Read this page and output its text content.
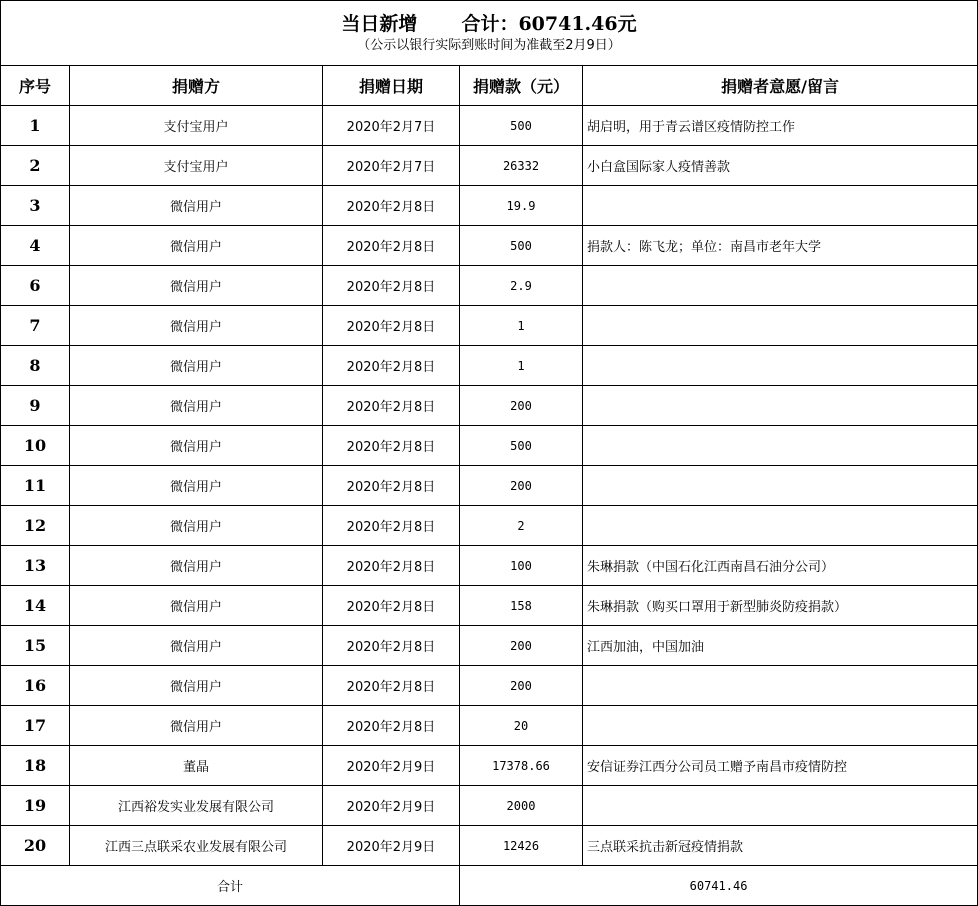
当日新增 合计：60741.46元
（公示以银行实际到账时间为准截至2月9日）				

序号	捐赠方	捐赠日期	捐赠款（元）	捐赠者意愿/留言
1	支付宝用户	2020年2月7日	500	胡启明，用于青云谱区疫情防控工作
2	支付宝用户	2020年2月7日	26332	小白盒国际家人疫情善款
3	微信用户	2020年2月8日	19.9	
4	微信用户	2020年2月8日	500	捐款人：陈飞龙；单位：南昌市老年大学
6	微信用户	2020年2月8日	2.9	
7	微信用户	2020年2月8日	1	
8	微信用户	2020年2月8日	1	
9	微信用户	2020年2月8日	200	
10	微信用户	2020年2月8日	500	
11	微信用户	2020年2月8日	200	
12	微信用户	2020年2月8日	2	
13	微信用户	2020年2月8日	100	朱琳捐款（中国石化江西南昌石油分公司）
14	微信用户	2020年2月8日	158	朱琳捐款（购买口罩用于新型肺炎防疫捐款）
15	微信用户	2020年2月8日	200	江西加油，中国加油
16	微信用户	2020年2月8日	200	
17	微信用户	2020年2月8日	20	
18	董晶	2020年2月9日	17378.66	安信证券江西分公司员工赠予南昌市疫情防控
19	江西裕发实业发展有限公司	2020年2月9日	2000	
20	江西三点联采农业发展有限公司	2020年2月9日	12426	三点联采抗击新冠疫情捐款
合计			60741.46	
